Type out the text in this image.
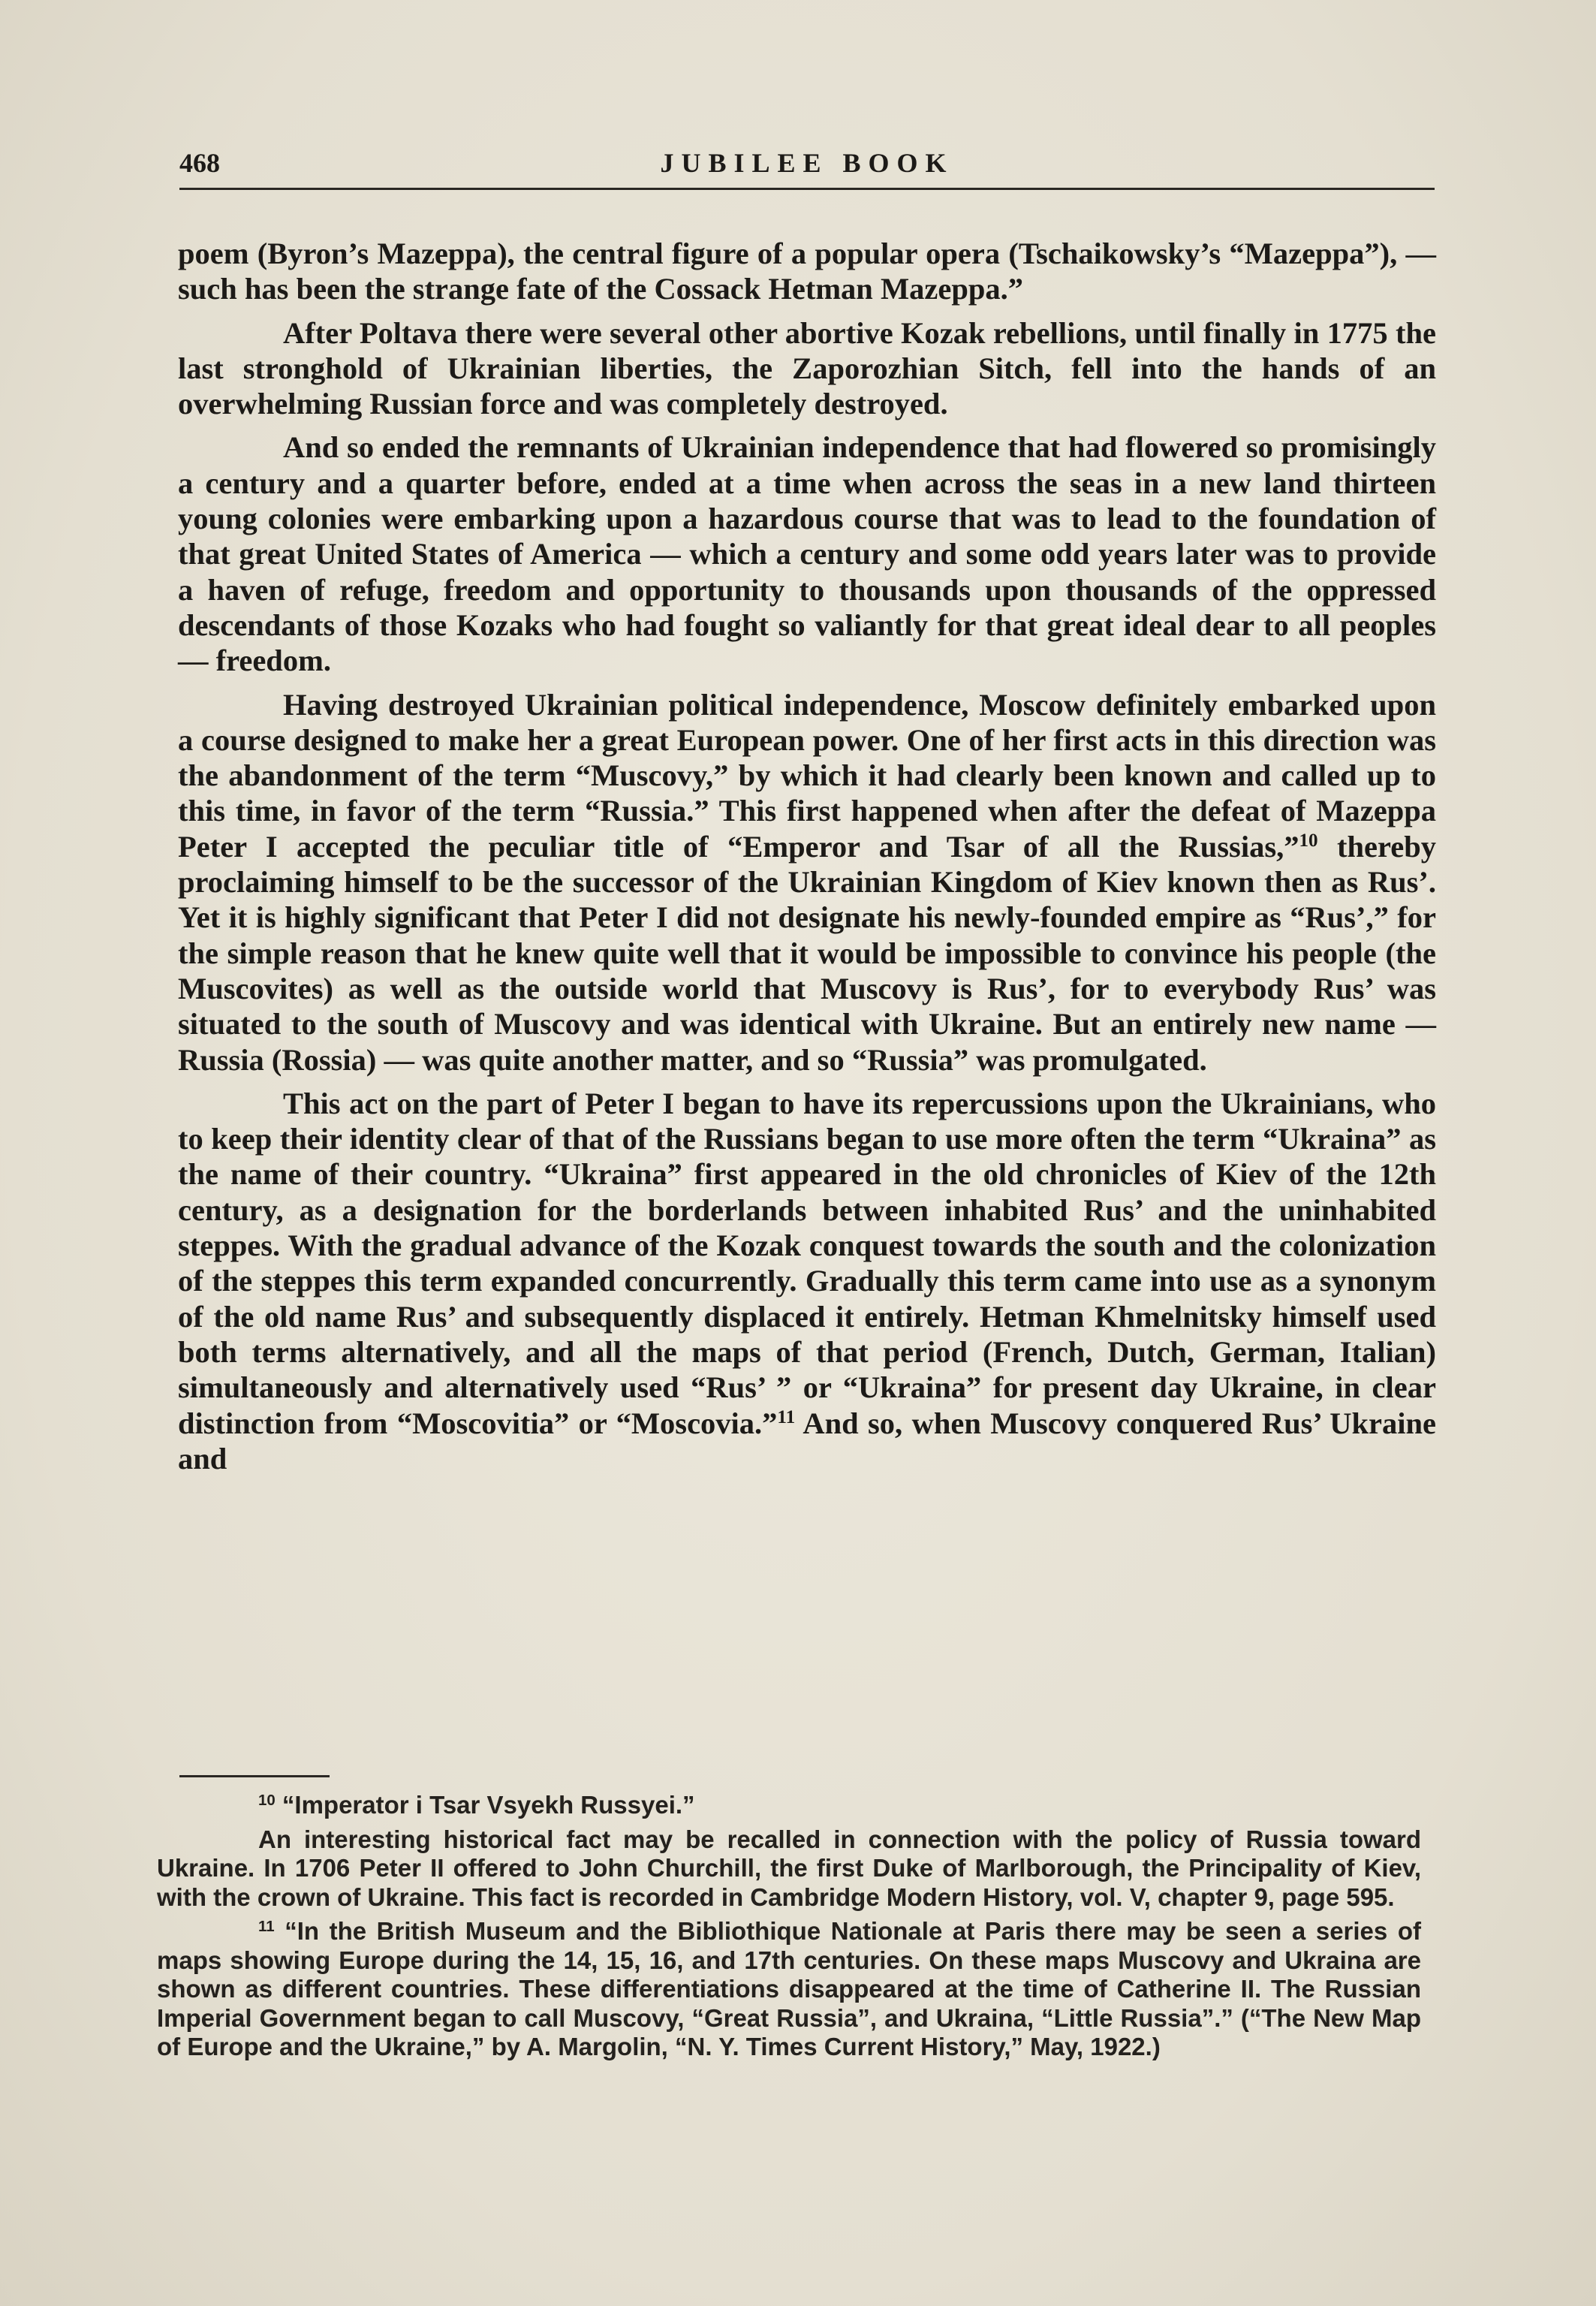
468	JUBILEE BOOK

poem (Byron’s Mazeppa), the central figure of a popular opera (Tschaikowsky’s “Mazeppa”), — such has been the strange fate of the Cossack Hetman Mazeppa.”

After Poltava there were several other abortive Kozak rebellions, until finally in 1775 the last stronghold of Ukrainian liberties, the Zaporozhian Sitch, fell into the hands of an overwhelming Russian force and was completely destroyed.

And so ended the remnants of Ukrainian independence that had flowered so promisingly a century and a quarter before, ended at a time when across the seas in a new land thirteen young colonies were embarking upon a hazardous course that was to lead to the foundation of that great United States of America — which a century and some odd years later was to provide a haven of refuge, freedom and opportunity to thousands upon thousands of the oppressed descendants of those Kozaks who had fought so valiantly for that great ideal dear to all peoples — freedom.

Having destroyed Ukrainian political independence, Moscow definitely embarked upon a course designed to make her a great European power. One of her first acts in this direction was the abandonment of the term “Muscovy,” by which it had clearly been known and called up to this time, in favor of the term “Russia.” This first happened when after the defeat of Mazeppa Peter I accepted the peculiar title of “Emperor and Tsar of all the Russias,”$^{10}$ thereby proclaiming himself to be the successor of the Ukrainian Kingdom of Kiev known then as Rus’. Yet it is highly significant that Peter I did not designate his newly-founded empire as “Rus’,” for the simple reason that he knew quite well that it would be impossible to convince his people (the Muscovites) as well as the outside world that Muscovy is Rus’, for to everybody Rus’ was situated to the south of Muscovy and was identical with Ukraine. But an entirely new name — Russia (Rossia) — was quite another matter, and so “Russia” was promulgated.

This act on the part of Peter I began to have its repercussions upon the Ukrainians, who to keep their identity clear of that of the Russians began to use more often the term “Ukraina” as the name of their country. “Ukraina” first appeared in the old chronicles of Kiev of the 12th century, as a designation for the borderlands between inhabited Rus’ and the uninhabited steppes. With the gradual advance of the Kozak conquest towards the south and the colonization of the steppes this term expanded concurrently. Gradually this term came into use as a synonym of the old name Rus’ and subsequently displaced it entirely. Hetman Khmelnitsky himself used both terms alternatively, and all the maps of that period (French, Dutch, German, Italian) simultaneously and alternatively used “Rus’ ” or “Ukraina” for present day Ukraine, in clear distinction from “Moscovitia” or “Moscovia.”$^{11}$ And so, when Muscovy conquered Rus’ Ukraine and

$^{10}$ “Imperator i Tsar Vsyekh Russyei.”

An interesting historical fact may be recalled in connection with the policy of Russia toward Ukraine. In 1706 Peter II offered to John Churchill, the first Duke of Marlborough, the Principality of Kiev, with the crown of Ukraine. This fact is recorded in Cambridge Modern History, vol. V, chapter 9, page 595.

$^{11}$ “In the British Museum and the Bibliothique Nationale at Paris there may be seen a series of maps showing Europe during the 14, 15, 16, and 17th centuries. On these maps Muscovy and Ukraina are shown as different countries. These differentiations disappeared at the time of Catherine II. The Russian Imperial Government began to call Muscovy, “Great Russia”, and Ukraina, “Little Russia”.” (“The New Map of Europe and the Ukraine,” by A. Margolin, “N. Y. Times Current History,” May, 1922.)
